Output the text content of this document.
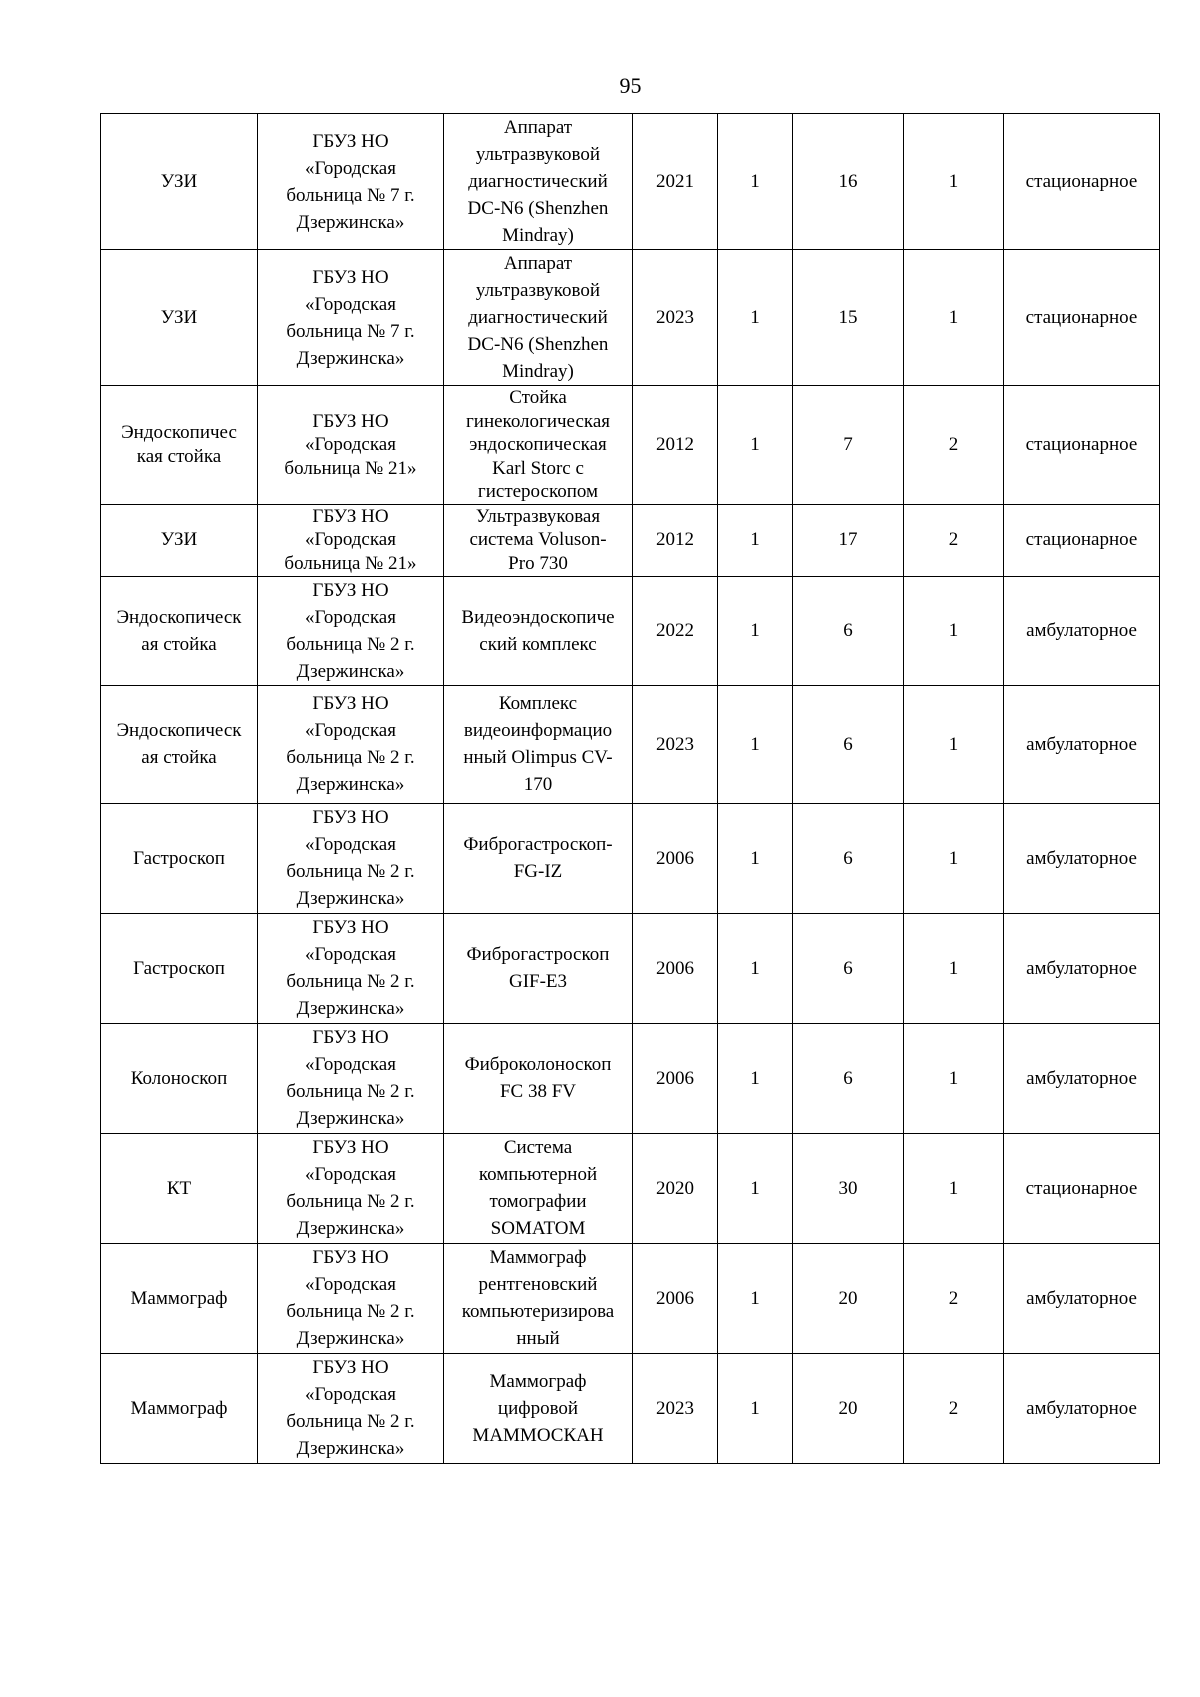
95
УЗИ	ГБУЗ НО
«Городская
больница № 7 г.
Дзержинска»	Аппарат
ультразвуковой
диагностический
DC-N6 (Shenzhen
Mindray)	2021	1	16	1	стационарное
УЗИ	ГБУЗ НО
«Городская
больница № 7 г.
Дзержинска»	Аппарат
ультразвуковой
диагностический
DC-N6 (Shenzhen
Mindray)	2023	1	15	1	стационарное
Эндоскопичес
кая стойка	ГБУЗ НО
«Городская
больница № 21»	Стойка
гинекологическая
эндоскопическая
Karl Storc с
гистероскопом	2012	1	7	2	стационарное
УЗИ	ГБУЗ НО
«Городская
больница № 21»	Ультразвуковая
система Voluson-
Pro 730	2012	1	17	2	стационарное
Эндоскопическ
ая стойка	ГБУЗ НО
«Городская
больница № 2 г.
Дзержинска»	Видеоэндоскопиче
ский комплекс	2022	1	6	1	амбулаторное
Эндоскопическ
ая стойка	ГБУЗ НО
«Городская
больница № 2 г.
Дзержинска»	Комплекс
видеоинформацио
нный Olimpus CV-
170	2023	1	6	1	амбулаторное
Гастроскоп	ГБУЗ НО
«Городская
больница № 2 г.
Дзержинска»	Фиброгастроскоп-
FG-IZ	2006	1	6	1	амбулаторное
Гастроскоп	ГБУЗ НО
«Городская
больница № 2 г.
Дзержинска»	Фиброгастроскоп
GIF-E3	2006	1	6	1	амбулаторное
Колоноскоп	ГБУЗ НО
«Городская
больница № 2 г.
Дзержинска»	Фиброколоноскоп
FC 38 FV	2006	1	6	1	амбулаторное
КТ	ГБУЗ НО
«Городская
больница № 2 г.
Дзержинска»	Система
компьютерной
томографии
SOMATOM	2020	1	30	1	стационарное
Маммограф	ГБУЗ НО
«Городская
больница № 2 г.
Дзержинска»	Маммограф
рентгеновский
компьютеризирова
нный	2006	1	20	2	амбулаторное
Маммограф	ГБУЗ НО
«Городская
больница № 2 г.
Дзержинска»	Маммограф
цифровой
МАММОСКАН	2023	1	20	2	амбулаторное
